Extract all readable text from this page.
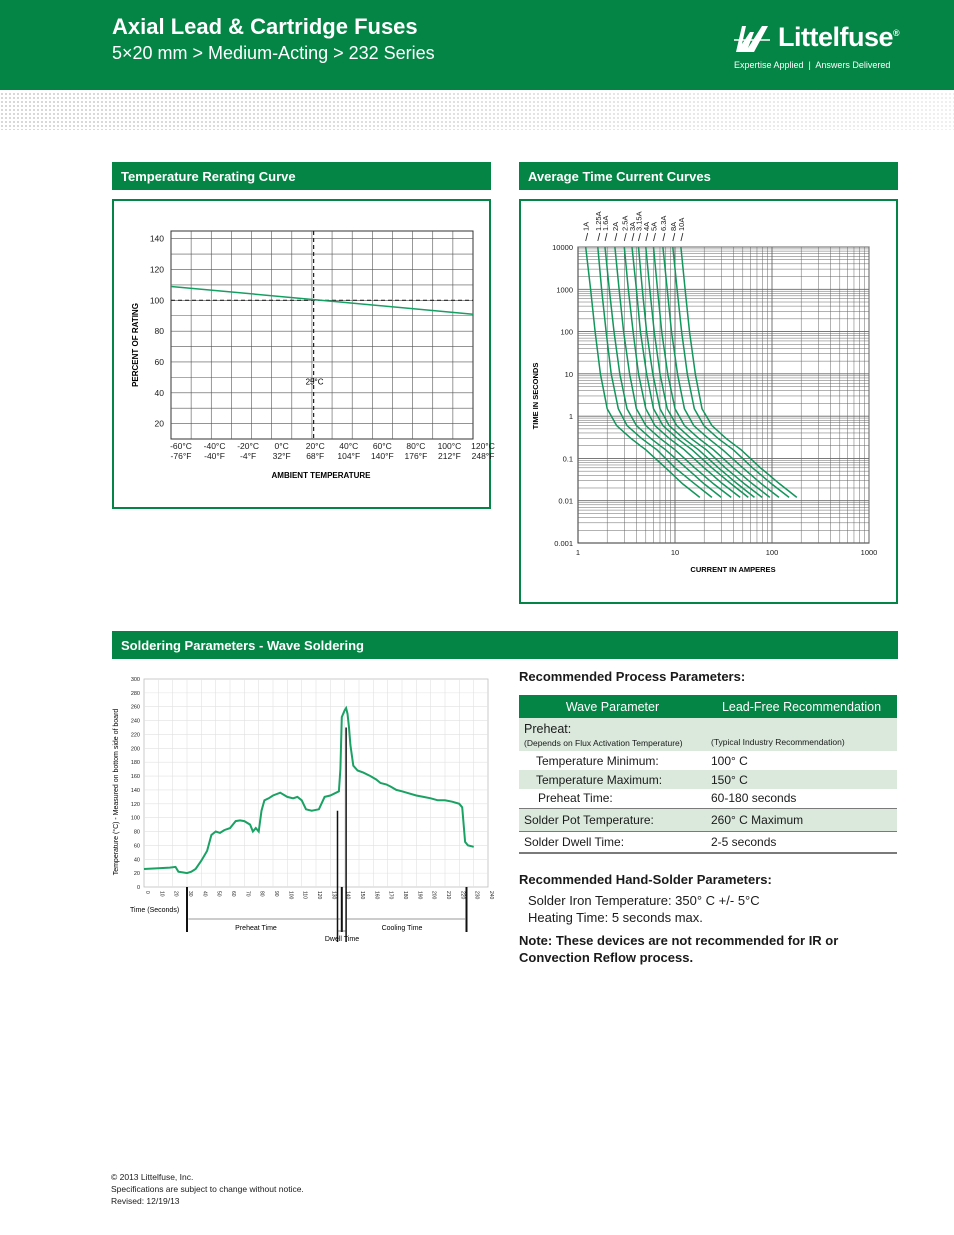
Axial Lead & Cartridge Fuses
5×20 mm > Medium-Acting > 232 Series
Littelfuse®
Expertise Applied  |  Answers Delivered
Temperature Rerating Curve	Average Time Current Curves
Soldering Parameters - Wave Soldering
140
120
100
80
60
40
20
-60°C
-76°F
-40°C
-40°F
-20°C
-4°F
0°C
32°F
20°C
68°F
40°C
104°F
60°C
140°F
80°C
176°F
100°C
212°F
120°C
248°F
25°C
PERCENT OF RATING
AMBIENT TEMPERATURE
1A 1.25A
1.6A 2A 2.5A
3A
3.15A
4A
5A 6.3A 8A 10A
10000
1000
100
10
1
0.1
0.01
0.001
1	10	100	1000
TIME IN SECONDS
CURRENT IN AMPERES
300
280
260
240
220
200
180
160
140
120
100
80
60
40
20
0
0 10 20 30 40 50 60 70 80 90 100 110 120 130 140 150 160 170 180 190 200 210 220 230 240
Temperature (°C) - Measured on bottom side of board
Time (Seconds)
Preheat Time
Dwell Time
Cooling Time
Recommended Process Parameters:
Wave Parameter	Lead-Free Recommendation
Preheat:
(Depends on Flux Activation Temperature)	(Typical Industry Recommendation)

Temperature Minimum:	100° C
Temperature Maximum:	150° C
Preheat Time:	60-180 seconds
Solder Pot Temperature:	260° C Maximum
Solder Dwell Time:	2-5 seconds
Recommended Hand-Solder Parameters:
Solder Iron Temperature: 350° C +/- 5°C
Heating Time: 5 seconds max.
Note: These devices are not recommended for IR or Convection Reflow process.
© 2013 Littelfuse, Inc.
Specifications are subject to change without notice.
Revised: 12/19/13
